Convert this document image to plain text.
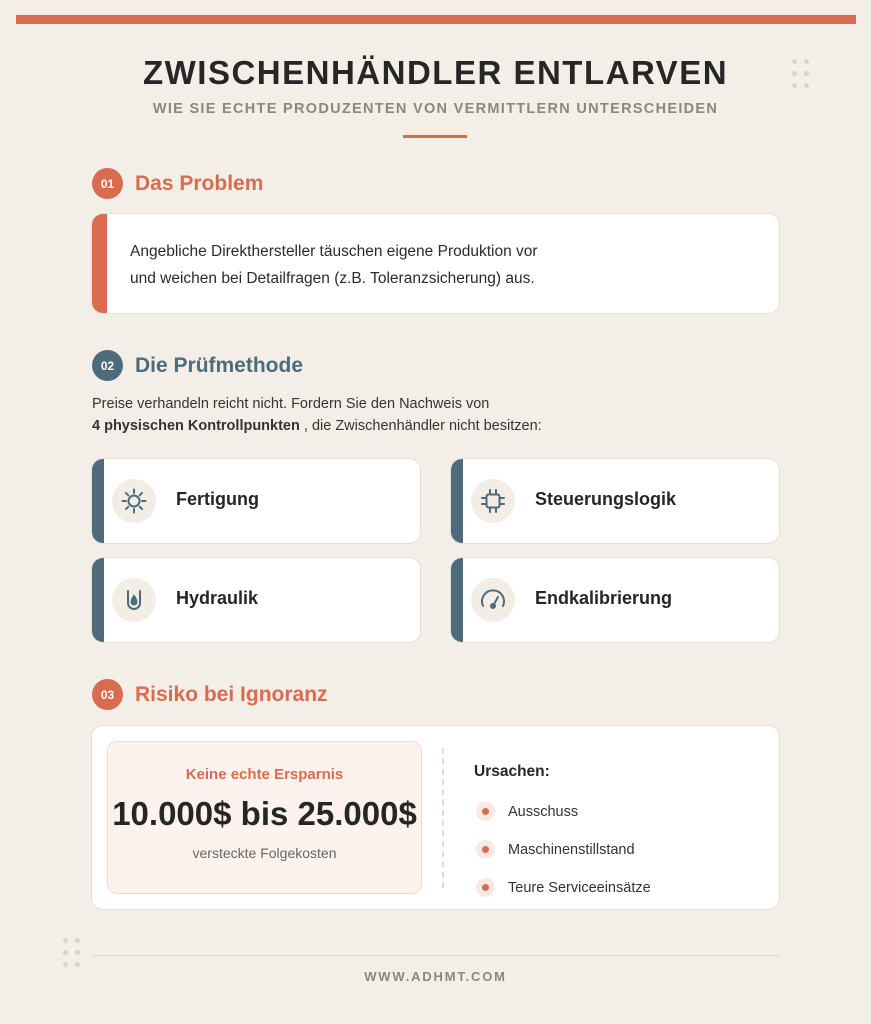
ZWISCHENHÄNDLER ENTLARVEN
WIE SIE ECHTE PRODUZENTEN VON VERMITTLERN UNTERSCHEIDEN
01 Das Problem

Angebliche Direkthersteller täuschen eigene Produktion vor
und weichen bei Detailfragen (z.B. Toleranzsicherung) aus.

02 Die Prüfmethode
Preise verhandeln reicht nicht. Fordern Sie den Nachweis von
4 physischen Kontrollpunkten , die Zwischenhändler nicht besitzen:
Fertigung	Steuerungslogik
Hydraulik	Endkalibrierung
03 Risiko bei Ignoranz
Keine echte Ersparnis
10.000$ bis 25.000$
versteckte Folgekosten
Ursachen:
Ausschuss
Maschinenstillstand
Teure Serviceeinsätze
WWW.ADHMT.COM
